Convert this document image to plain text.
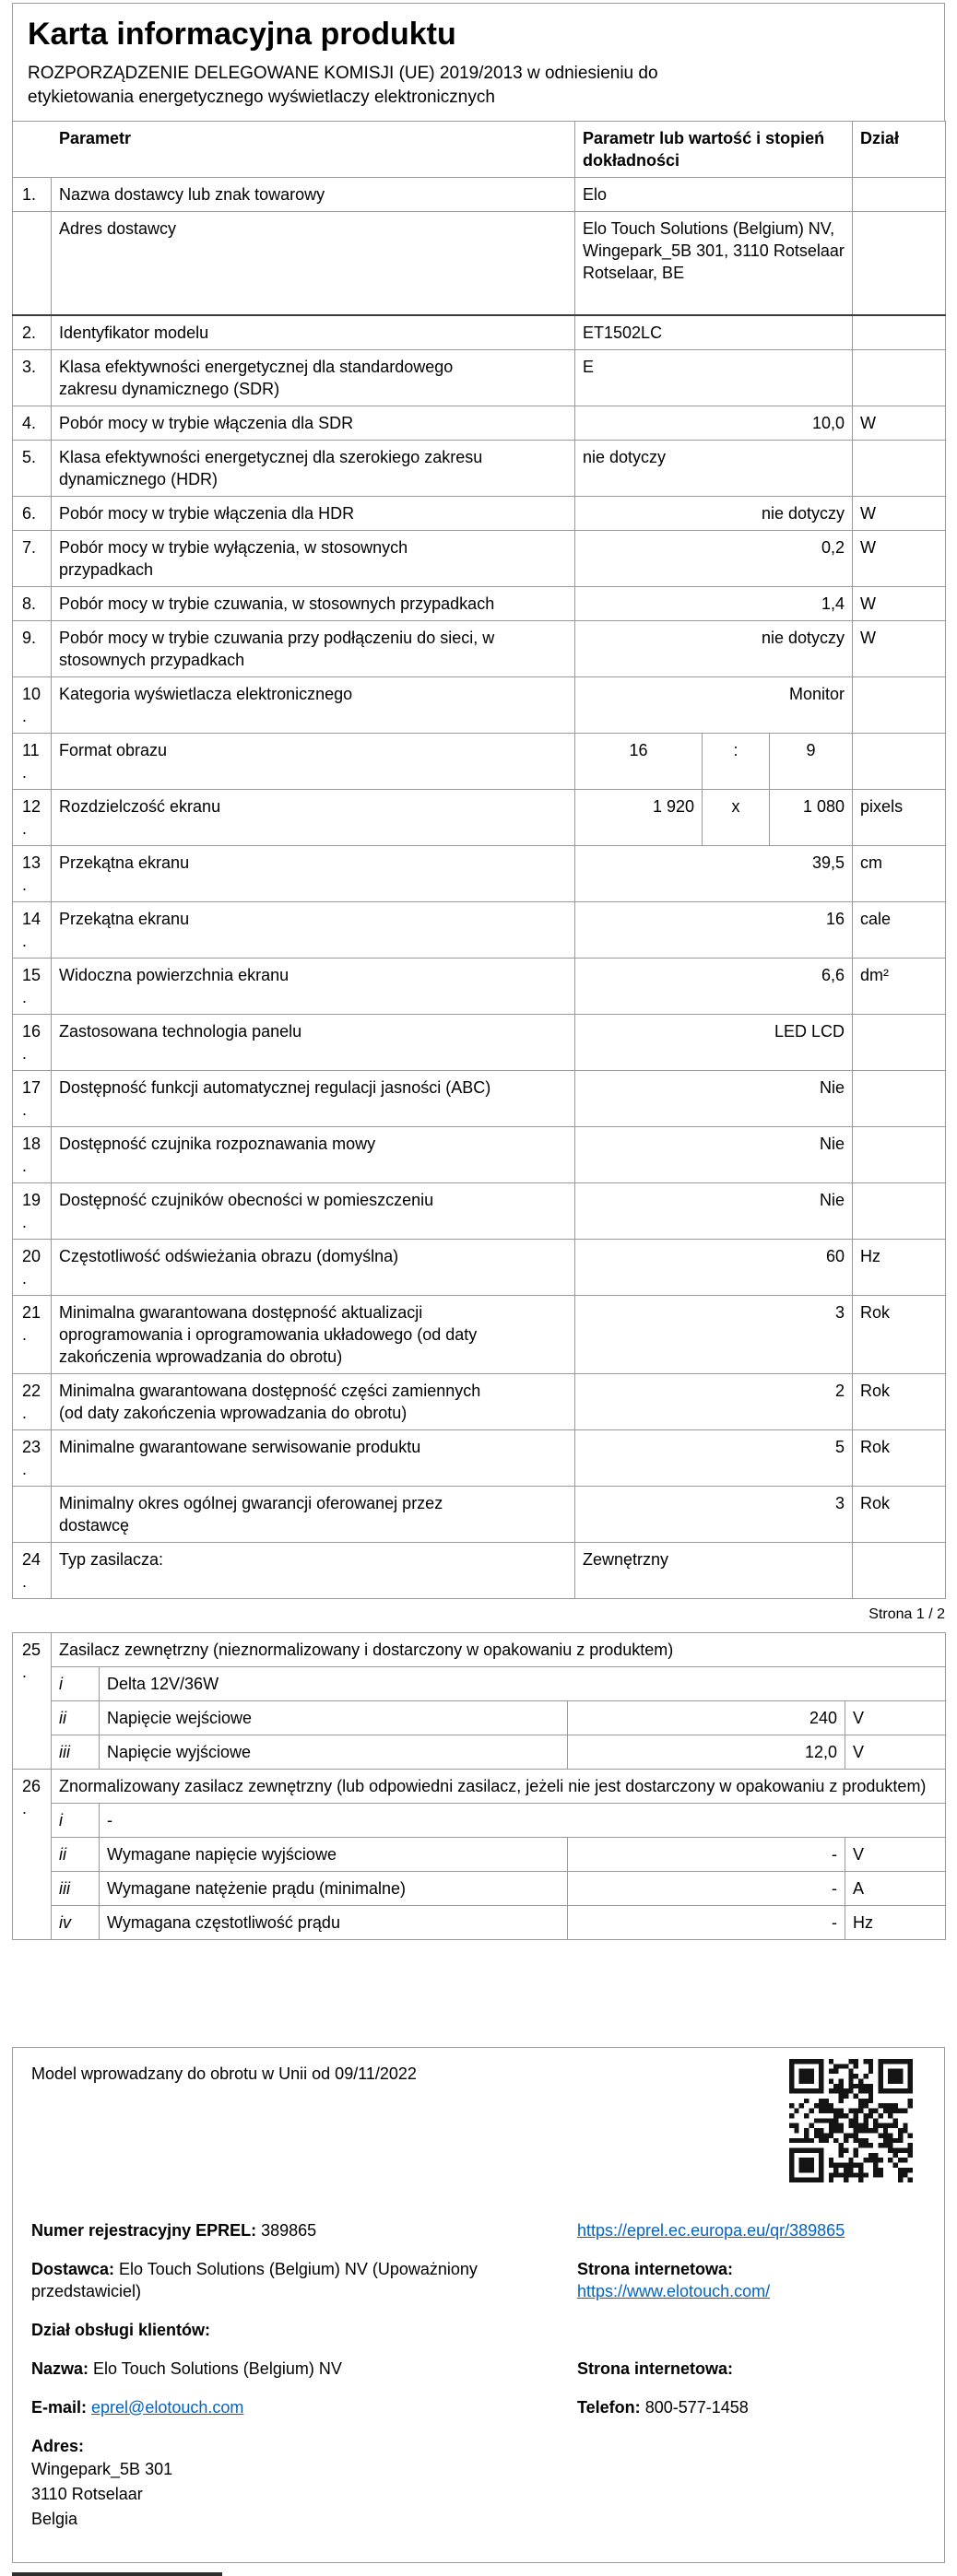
Karta informacyjna produktu
ROZPORZĄDZENIE DELEGOWANE KOMISJI (UE) 2019/2013 w odniesieniu do etykietowania energetycznego wyświetlaczy elektronicznych
Parametr		Parametr lub wartość i stopień dokładności			Dział
1.	Nazwa dostawcy lub znak towarowy	Elo			
	Adres dostawcy	Elo Touch Solutions (Belgium) NV, Wingepark_5B 301, 3110 Rotselaar Rotselaar, BE			
2.	Identyfikator modelu	ET1502LC			
3.	Klasa efektywności energetycznej dla standardowego zakresu dynamicznego (SDR)	E			
4.	Pobór mocy w trybie włączenia dla SDR	10,0			W
5.	Klasa efektywności energetycznej dla szerokiego zakresu dynamicznego (HDR)	nie dotyczy			
6.	Pobór mocy w trybie włączenia dla HDR	nie dotyczy			W
7.	Pobór mocy w trybie wyłączenia, w stosownych przypadkach	0,2			W
8.	Pobór mocy w trybie czuwania, w stosownych przypadkach	1,4			W
9.	Pobór mocy w trybie czuwania przy podłączeniu do sieci, w stosownych przypadkach	nie dotyczy			W
10.	Kategoria wyświetlacza elektronicznego	Monitor			
11.	Format obrazu	16	:	9	
12.	Rozdzielczość ekranu	1 920	x	1 080	pixels
13.	Przekątna ekranu	39,5			cm
14.	Przekątna ekranu	16			cale
15.	Widoczna powierzchnia ekranu	6,6			dm²
16.	Zastosowana technologia panelu	LED LCD			
17.	Dostępność funkcji automatycznej regulacji jasności (ABC)	Nie			
18.	Dostępność czujnika rozpoznawania mowy	Nie			
19.	Dostępność czujników obecności w pomieszczeniu	Nie			
20.	Częstotliwość odświeżania obrazu (domyślna)	60			Hz
21.	Minimalna gwarantowana dostępność aktualizacji oprogramowania i oprogramowania układowego (od daty zakończenia wprowadzania do obrotu)	3			Rok
22.	Minimalna gwarantowana dostępność części zamiennych (od daty zakończenia wprowadzania do obrotu)	2			Rok
23.	Minimalne gwarantowane serwisowanie produktu	5			Rok
	Minimalny okres ogólnej gwarancji oferowanej przez dostawcę	3			Rok
24.	Typ zasilacza:	Zewnętrzny			
Strona 1 / 2
25.	Zasilacz zewnętrzny (nieznormalizowany i dostarczony w opakowaniu z produktem)			
	i	Delta 12V/36W		
	ii	Napięcie wejściowe	240	V
	iii	Napięcie wyjściowe	12,0	V
26.	Znormalizowany zasilacz zewnętrzny (lub odpowiedni zasilacz, jeżeli nie jest dostarczony w opakowaniu z produktem)			
	i	-		
	ii	Wymagane napięcie wyjściowe	-	V
	iii	Wymagane natężenie prądu (minimalne)	-	A
	iv	Wymagana częstotliwość prądu	-	Hz
Model wprowadzany do obrotu w Unii od 09/11/2022
Numer rejestracyjny EPREL: 389865	https://eprel.ec.europa.eu/qr/389865
Dostawca: Elo Touch Solutions (Belgium) NV (Upoważniony przedstawiciel)
Strona internetowa: https://www.elotouch.com/
Dział obsługi klientów:
Nazwa: Elo Touch Solutions (Belgium) NV	Strona internetowa:
E-mail: eprel@elotouch.com	Telefon: 800-577-1458
Adres:
Wingepark_5B 301
3110 Rotselaar
Belgia
